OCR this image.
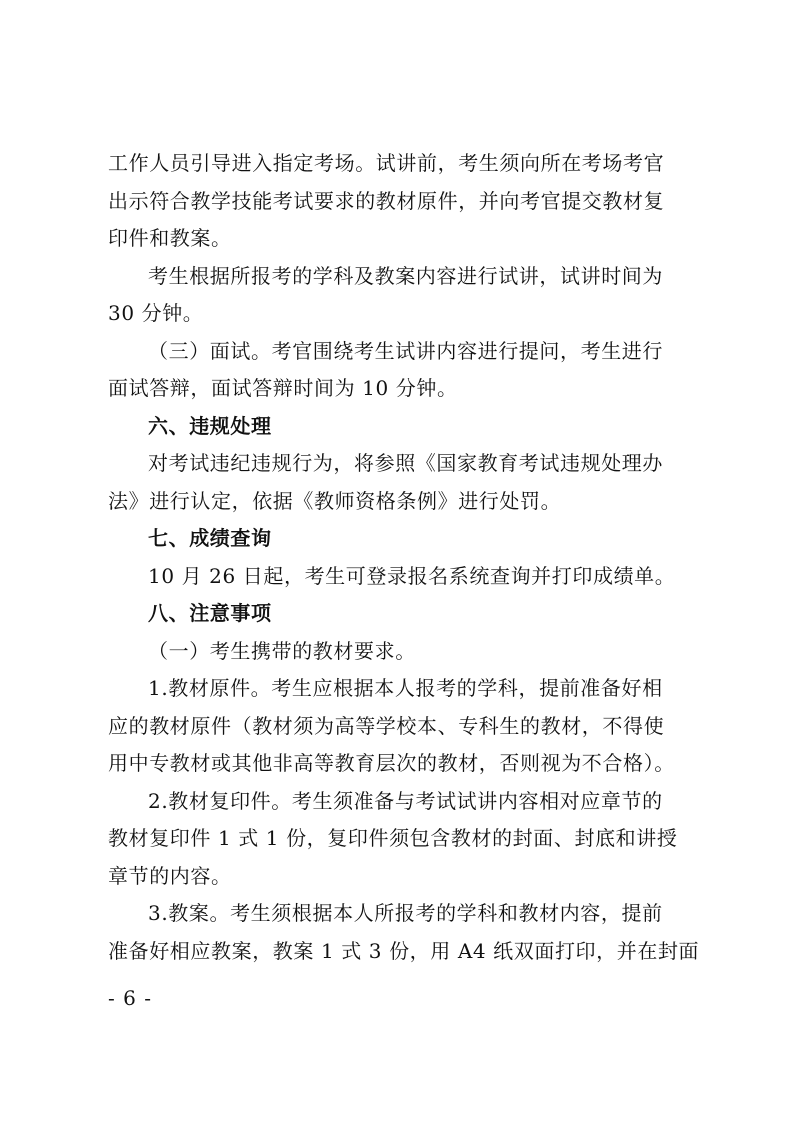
工作人员引导进入指定考场。试讲前，考生须向所在考场考官
出示符合教学技能考试要求的教材原件，并向考官提交教材复
印件和教案。
考生根据所报考的学科及教案内容进行试讲，试讲时间为
30 分钟。
（三）面试。考官围绕考生试讲内容进行提问，考生进行
面试答辩，面试答辩时间为 10 分钟。
六、违规处理
对考试违纪违规行为，将参照《国家教育考试违规处理办
法》进行认定，依据《教师资格条例》进行处罚。
七、成绩查询
10 月 26 日起，考生可登录报名系统查询并打印成绩单。
八、注意事项
（一）考生携带的教材要求。
1.教材原件。考生应根据本人报考的学科，提前准备好相
应的教材原件（教材须为高等学校本、专科生的教材，不得使
用中专教材或其他非高等教育层次的教材，否则视为不合格）。
2.教材复印件。考生须准备与考试试讲内容相对应章节的
教材复印件 1 式 1 份，复印件须包含教材的封面、封底和讲授
章节的内容。
3.教案。考生须根据本人所报考的学科和教材内容，提前
准备好相应教案，教案 1 式 3 份，用 A4 纸双面打印，并在封面
- 6 -
